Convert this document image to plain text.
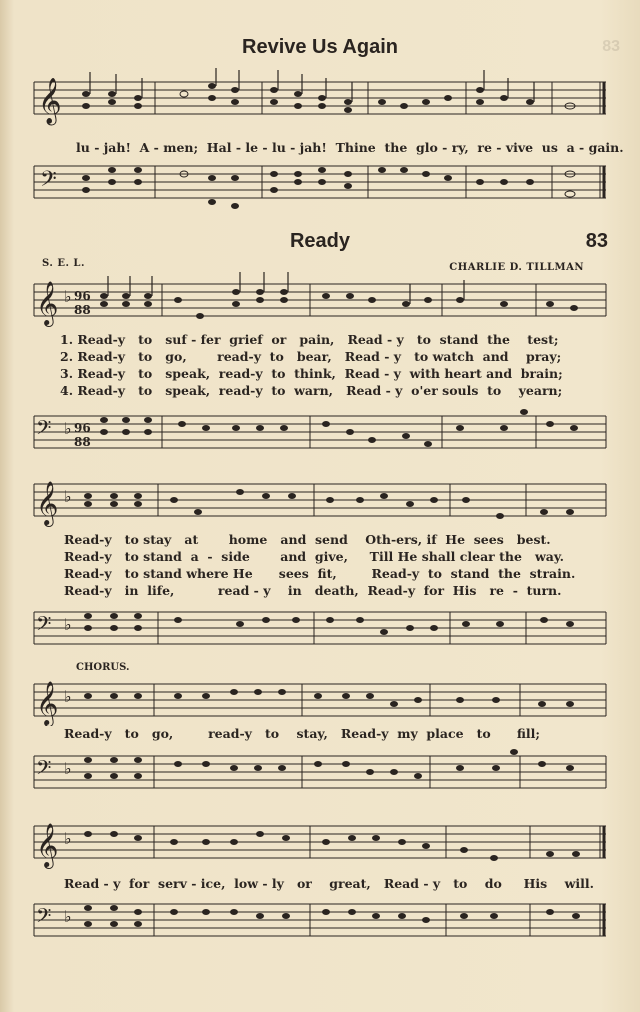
83
Revive Us Again
𝄞
lu - jah!  A - men;  Hal - le - lu - jah!  Thine  the  glo - ry,  re - vive  us  a - gain.
𝄢
Ready	83
S. E. L.	CHARLIE D. TILLMAN
𝄞 ♭ 96
88
1. Read-y   to   suf - fer  grief  or   pain,   Read - y   to  stand  the    test;
2. Read-y   to   go,       read-y  to   bear,   Read - y   to watch  and    pray;
3. Read-y   to   speak,  read-y  to  think,  Read - y  with heart and  brain;
4. Read-y   to   speak,  read-y  to  warn,   Read - y  o'er souls  to    yearn;
𝄢 ♭ 96
88
𝄞 ♭
Read-y   to stay   at       home   and  send    Oth-ers, if  He  sees   best.
Read-y   to stand  a  -  side       and  give,     Till He shall clear the   way.
Read-y   to stand where He      sees  fit,        Read-y  to  stand  the  strain.
Read-y   in  life,          read - y    in   death,  Read-y  for  His   re  -  turn.
𝄢 ♭
CHORUS.
𝄞 ♭
Read-y   to   go,        read-y   to    stay,   Read-y  my  place   to      fill;
𝄢 ♭
𝄞 ♭
Read - y  for  serv - ice,  low - ly   or    great,   Read - y   to    do     His    will.
𝄢 ♭
